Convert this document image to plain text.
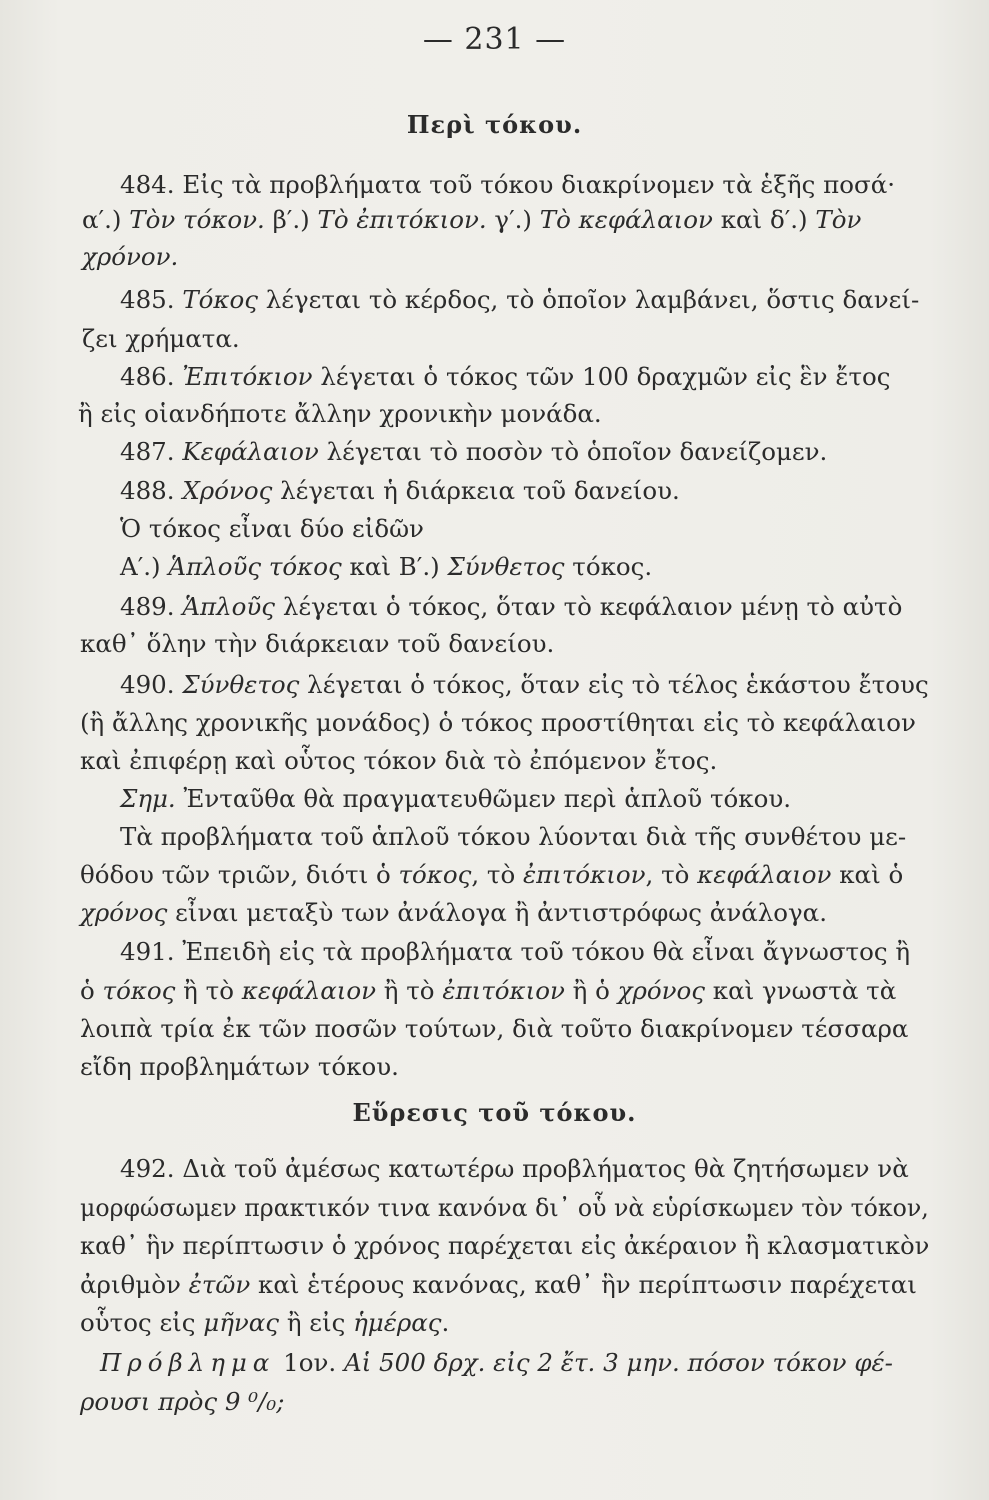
— 231 —
Περὶ τόκου.
484. Εἰς τὰ προβλήματα τοῦ τόκου διακρίνομεν τὰ ἑξῆς ποσά·
α′.) Τὸν τόκον. β′.) Τὸ ἐπιτόκιον. γ′.) Τὸ κεφάλαιον καὶ δ′.) Τὸν
χρόνον.
485. Τόκος λέγεται τὸ κέρδος, τὸ ὁποῖον λαμβάνει, ὅστις δανεί-
ζει χρήματα.
486. Ἐπιτόκιον λέγεται ὁ τόκος τῶν 100 δραχμῶν εἰς ἓν ἔτος
ἢ εἰς οἱανδήποτε ἄλλην χρονικὴν μονάδα.
487. Κεφάλαιον λέγεται τὸ ποσὸν τὸ ὁποῖον δανείζομεν.
488. Χρόνος λέγεται ἡ διάρκεια τοῦ δανείου.
Ὁ τόκος εἶναι δύο εἰδῶν
Α′.) Ἁπλοῦς τόκος καὶ Β′.) Σύνθετος τόκος.
489. Ἁπλοῦς λέγεται ὁ τόκος, ὅταν τὸ κεφάλαιον μένῃ τὸ αὐτὸ
καθ᾿ ὅλην τὴν διάρκειαν τοῦ δανείου.
490. Σύνθετος λέγεται ὁ τόκος, ὅταν εἰς τὸ τέλος ἑκάστου ἔτους
(ἢ ἄλλης χρονικῆς μονάδος) ὁ τόκος προστίθηται εἰς τὸ κεφάλαιον
καὶ ἐπιφέρῃ καὶ οὗτος τόκον διὰ τὸ ἐπόμενον ἔτος.
Σημ. Ἐνταῦθα θὰ πραγματευθῶμεν περὶ ἁπλοῦ τόκου.
Τὰ προβλήματα τοῦ ἁπλοῦ τόκου λύονται διὰ τῆς συνθέτου με-
θόδου τῶν τριῶν, διότι ὁ τόκος, τὸ ἐπιτόκιον, τὸ κεφάλαιον καὶ ὁ
χρόνος εἶναι μεταξὺ των ἀνάλογα ἢ ἀντιστρόφως ἀνάλογα.
491. Ἐπειδὴ εἰς τὰ προβλήματα τοῦ τόκου θὰ εἶναι ἄγνωστος ἢ
ὁ τόκος ἢ τὸ κεφάλαιον ἢ τὸ ἐπιτόκιον ἢ ὁ χρόνος καὶ γνωστὰ τὰ
λοιπὰ τρία ἐκ τῶν ποσῶν τούτων, διὰ τοῦτο διακρίνομεν τέσσαρα
εἴδη προβλημάτων τόκου.
Εὕρεσις τοῦ τόκου.
492. Διὰ τοῦ ἀμέσως κατωτέρω προβλήματος θὰ ζητήσωμεν νὰ
μορφώσωμεν πρακτικόν τινα κανόνα δι᾿ οὗ νὰ εὑρίσκωμεν τὸν τόκον,
καθ᾿ ἣν περίπτωσιν ὁ χρόνος παρέχεται εἰς ἀκέραιον ἢ κλασματικὸν
ἀριθμὸν ἐτῶν καὶ ἑτέρους κανόνας, καθ᾿ ἣν περίπτωσιν παρέχεται
οὗτος εἰς μῆνας ἢ εἰς ἡμέρας.
Πρόβλημα 1ον. Αἱ 500 δρχ. εἰς 2 ἔτ. 3 μην. πόσον τόκον φέ-
ρουσι πρὸς 9 ⁰/₀;
